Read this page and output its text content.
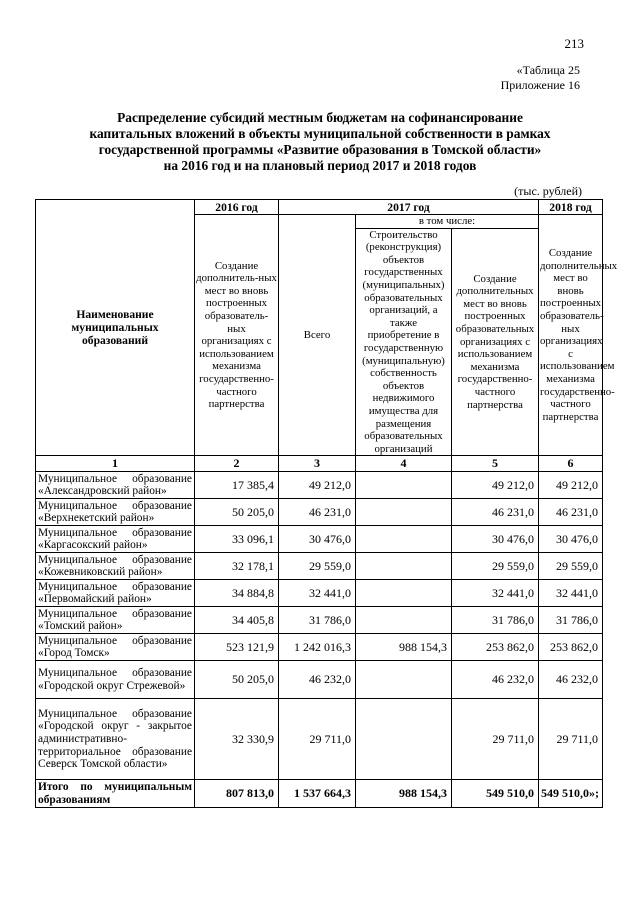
213
«Таблица 25
Приложение 16
Распределение субсидий местным бюджетам на софинансирование
капитальных вложений в объекты муниципальной собственности в рамках
государственной программы «Развитие образования в Томской области»
на 2016 год и на плановый период 2017 и 2018 годов
(тыс. рублей)
Наименование муниципальных образований	2016 год	2017 год			2018 год
	Создание дополнитель-ных мест во вновь построенных образователь-ных организациях с использованием механизма государственно-частного партнерства	Всего	в том числе:		Создание дополнительных мест во вновь построенных образователь-ных организациях с использованием механизма государственно-частного партнерства
			Строительство (реконструкция) объектов государственных (муниципальных) образовательных организаций, а также приобретение в государственную (муниципальную) собственность объектов недвижимого имущества для размещения образовательных организаций	Создание дополнительных мест во вновь построенных образовательных организациях с использованием механизма государственно-частного партнерства	
1	2	3	4	5	6
Муниципальное образование «Александровский район»	17 385,4	49 212,0		49 212,0	49 212,0
Муниципальное образование «Верхнекетский район»	50 205,0	46 231,0		46 231,0	46 231,0
Муниципальное образование «Каргасокский район»	33 096,1	30 476,0		30 476,0	30 476,0
Муниципальное образование «Кожевниковский район»	32 178,1	29 559,0		29 559,0	29 559,0
Муниципальное образование «Первомайский район»	34 884,8	32 441,0		32 441,0	32 441,0
Муниципальное образование «Томский район»	34 405,8	31 786,0		31 786,0	31 786,0
Муниципальное образование «Город Томск»	523 121,9	1 242 016,3	988 154,3	253 862,0	253 862,0
Муниципальное образование «Городской округ Стрежевой»	50 205,0	46 232,0		46 232,0	46 232,0
Муниципальное образование «Городской округ - закрытое административно-территориальное образование Северск Томской области»	32 330,9	29 711,0		29 711,0	29 711,0
Итого по муниципальным образованиям	807 813,0	1 537 664,3	988 154,3	549 510,0	549 510,0»;
